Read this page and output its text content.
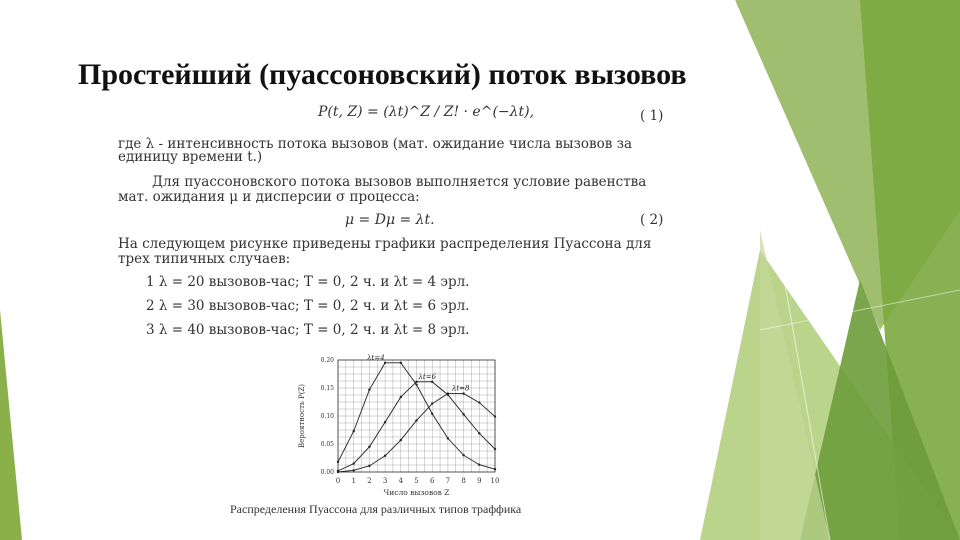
Простейший (пуассоновский) поток вызовов
P(t, Z) = (λt)^Z / Z! · e^(−λt),	( 1)
где λ - интенсивность потока вызовов (мат. ожидание числа вызовов за
единицу времени t.)
Для пуассоновского потока вызовов выполняется условие равенства
мат. ожидания μ и дисперсии σ процесса:
μ = Dμ = λt.	( 2)
На следующем рисунке приведены графики распределения Пуассона для
трех типичных случаев:
1 λ = 20 вызовов-час; T = 0, 2 ч. и λt = 4 эрл.
2 λ = 30 вызовов-час; T = 0, 2 ч. и λt = 6 эрл.
3 λ = 40 вызовов-час; T = 0, 2 ч. и λt = 8 эрл.
0 1 2 3 4 5 6 7 8 9 10
0.00
0.05
0.10
0.15
0.20
Число вызовов Z
Вероятность P(Z)
λt=4
λt=6
λt=8
Распределения Пуассона для различных типов траффика
